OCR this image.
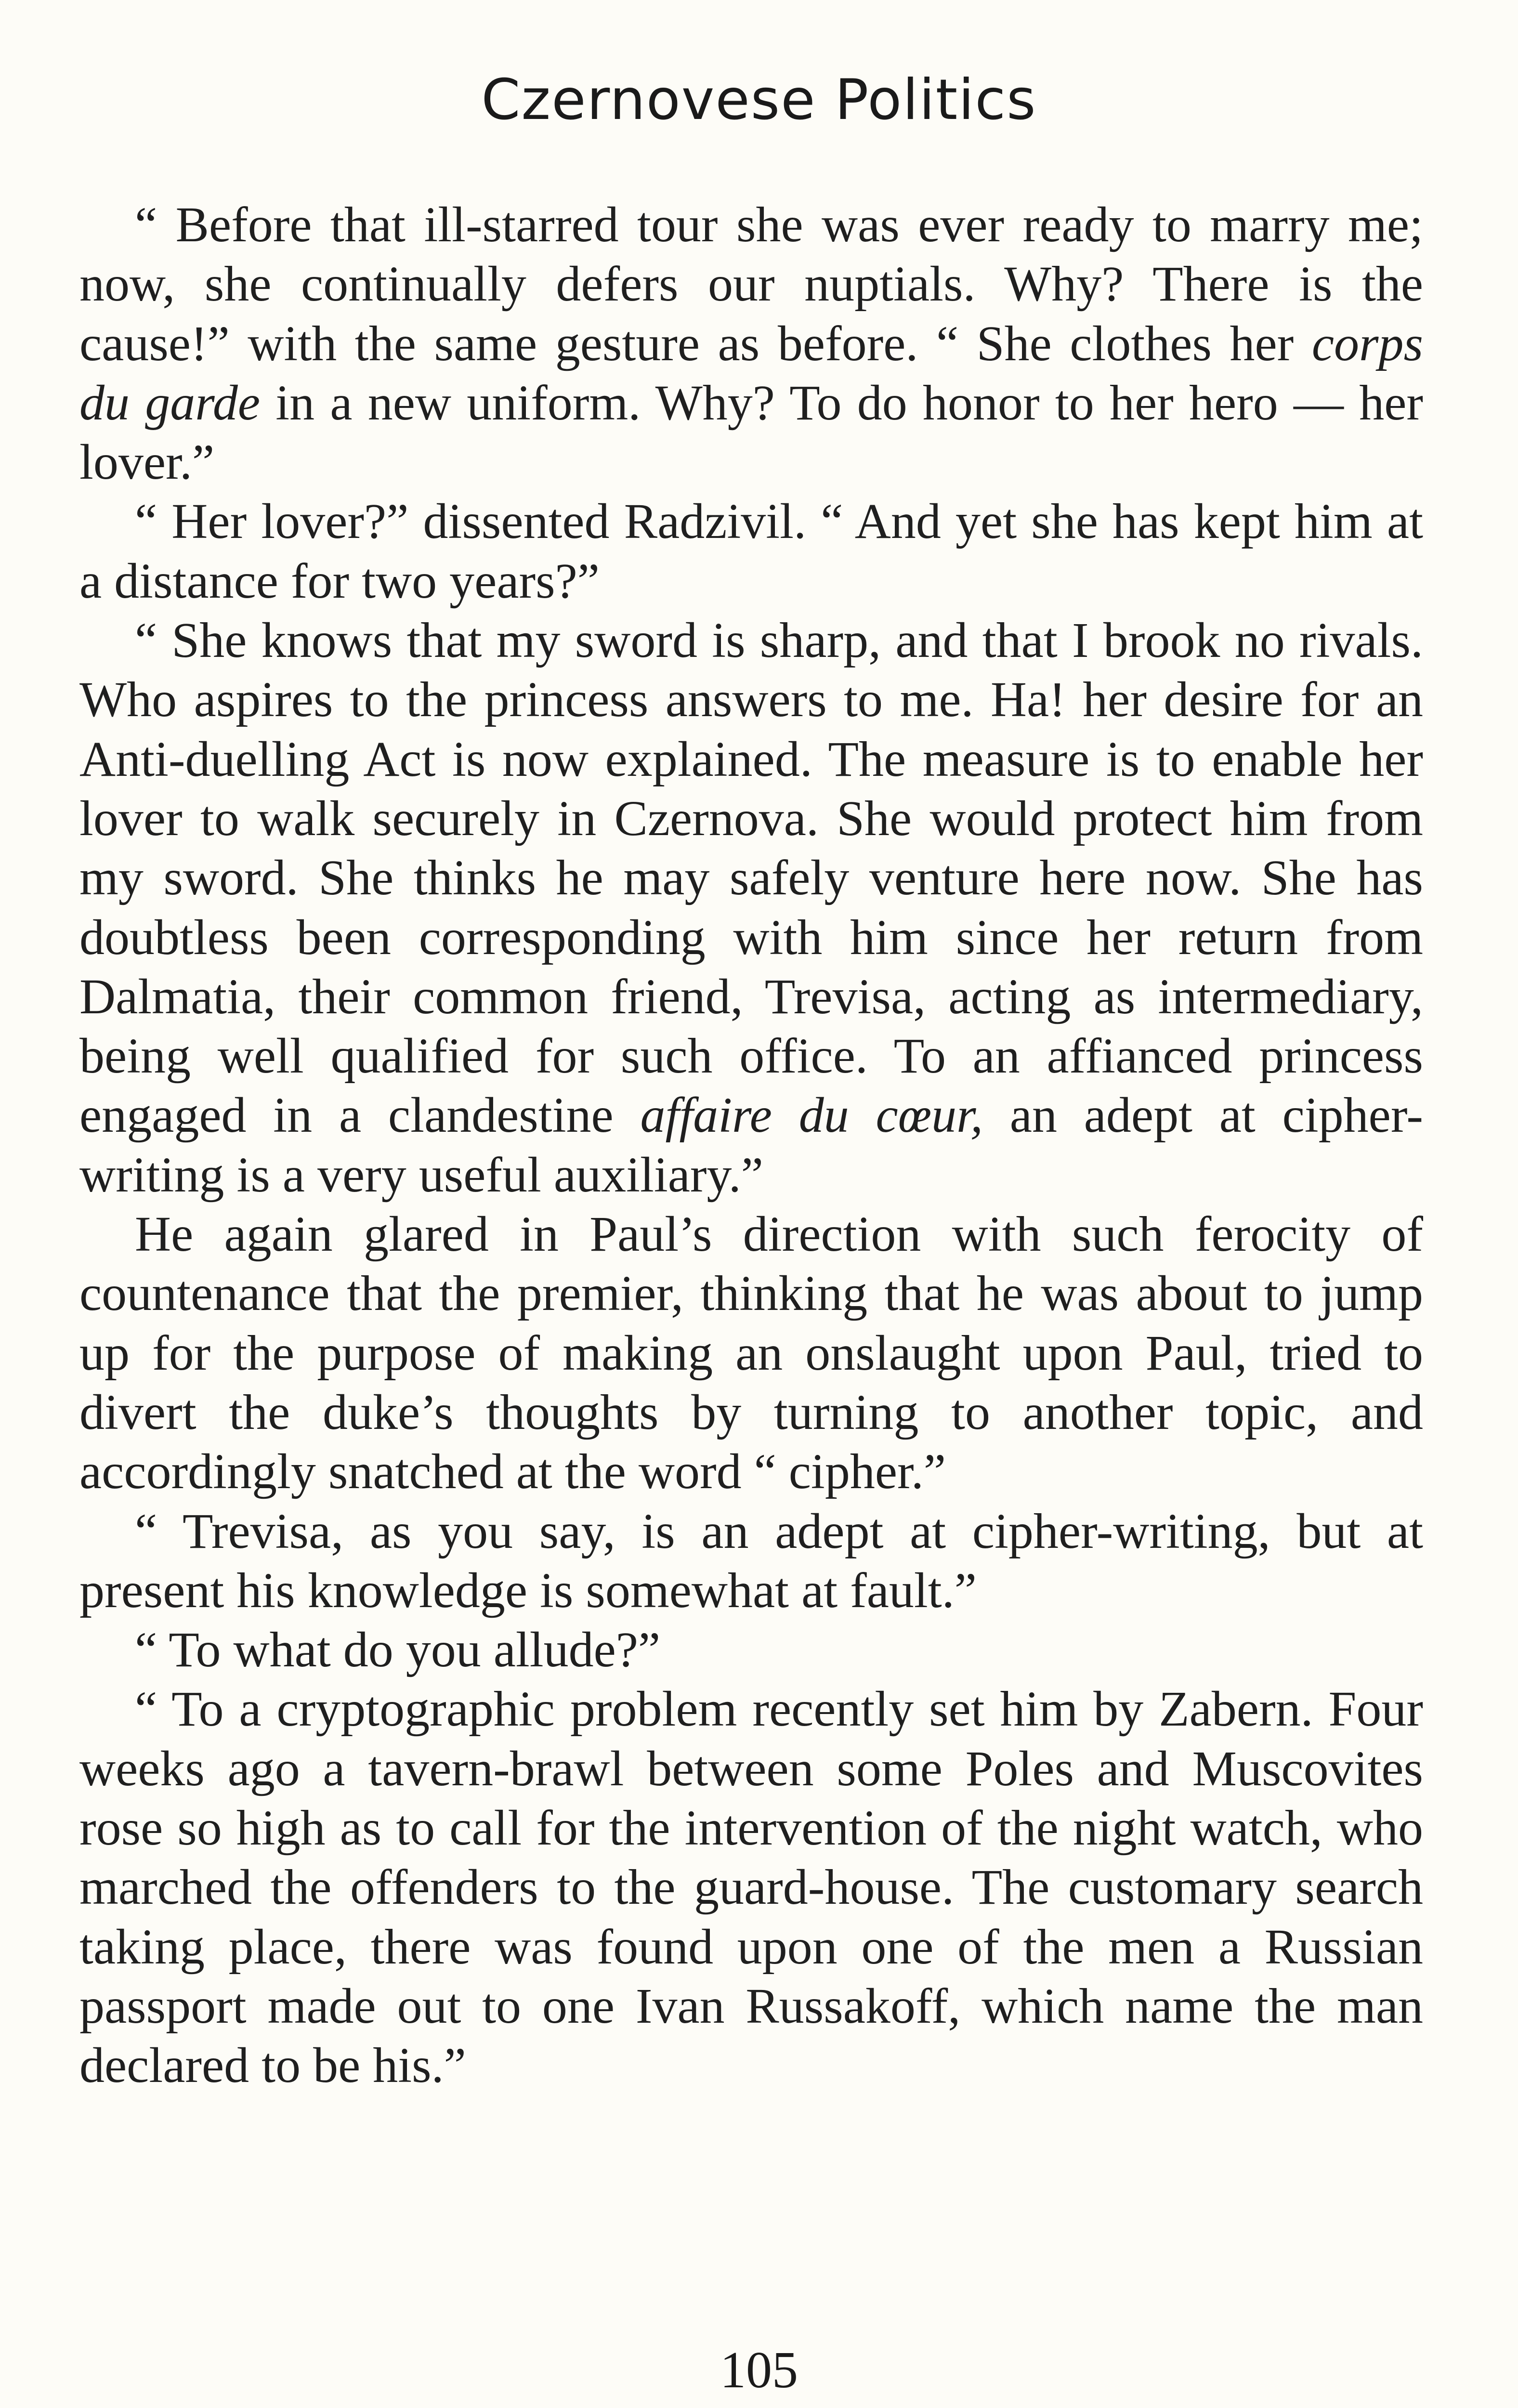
Czernovese Politics

“ Before that ill-starred tour she was ever ready to marry me; now, she continually defers our nuptials. Why? There is the cause!” with the same gesture as before. “ She clothes her corps du garde in a new uniform. Why? To do honor to her hero — her lover.”

“ Her lover?” dissented Radzivil. “ And yet she has kept him at a distance for two years?”

“ She knows that my sword is sharp, and that I brook no rivals. Who aspires to the princess answers to me. Ha! her desire for an Anti-duelling Act is now explained. The measure is to enable her lover to walk securely in Czernova. She would protect him from my sword. She thinks he may safely venture here now. She has doubtless been corresponding with him since her return from Dalmatia, their common friend, Trevisa, acting as intermediary, being well qualified for such office. To an affianced princess engaged in a clandestine affaire du cœur, an adept at cipher-writing is a very useful auxiliary.”

He again glared in Paul’s direction with such ferocity of countenance that the premier, thinking that he was about to jump up for the purpose of making an onslaught upon Paul, tried to divert the duke’s thoughts by turning to another topic, and accordingly snatched at the word “ cipher.”

“ Trevisa, as you say, is an adept at cipher-writing, but at present his knowledge is somewhat at fault.”

“ To what do you allude?”

“ To a cryptographic problem recently set him by Zabern. Four weeks ago a tavern-brawl between some Poles and Muscovites rose so high as to call for the intervention of the night watch, who marched the offenders to the guard-house. The customary search taking place, there was found upon one of the men a Russian passport made out to one Ivan Russakoff, which name the man declared to be his.”

105
